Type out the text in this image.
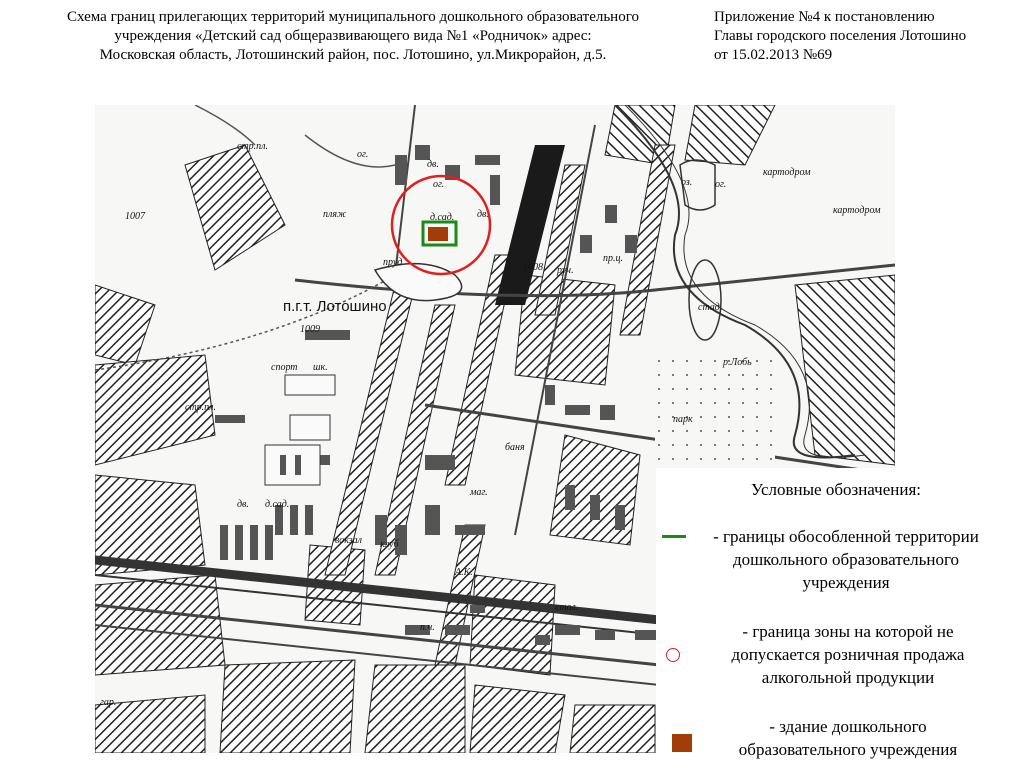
Схема границ прилегающих территорий муниципального дошкольного образовательного
учреждения «Детский сад общеразвивающего вида №1 «Родничок» адрес:
Московская область, Лотошинский район, пос. Лотошино, ул.Микрорайон, д.5.
Приложение №4 к постановлению
Главы городского поселения Лотошино
от 15.02.2013 №69
стр.пл.
стр.пл.
пляж
ог.
ог.	ог.
дв.
дв.
дв.
д.сад.
д.сад.
пруд
руч.
пр.ц.
оз.
картодром
картодром
стад.
р.Лобь
парк
спорт шк.
вокзал клуб
баня
маг.
А.К.
стол.
гар.
1007
1008
1009
п.ч.
п.г.т. Лотошино
Условные обозначения:
- границы обособленной территории
дошкольного образовательного
учреждения
- граница зоны на которой не
допускается розничная продажа
алкогольной продукции
- здание дошкольного
образовательного учреждения
